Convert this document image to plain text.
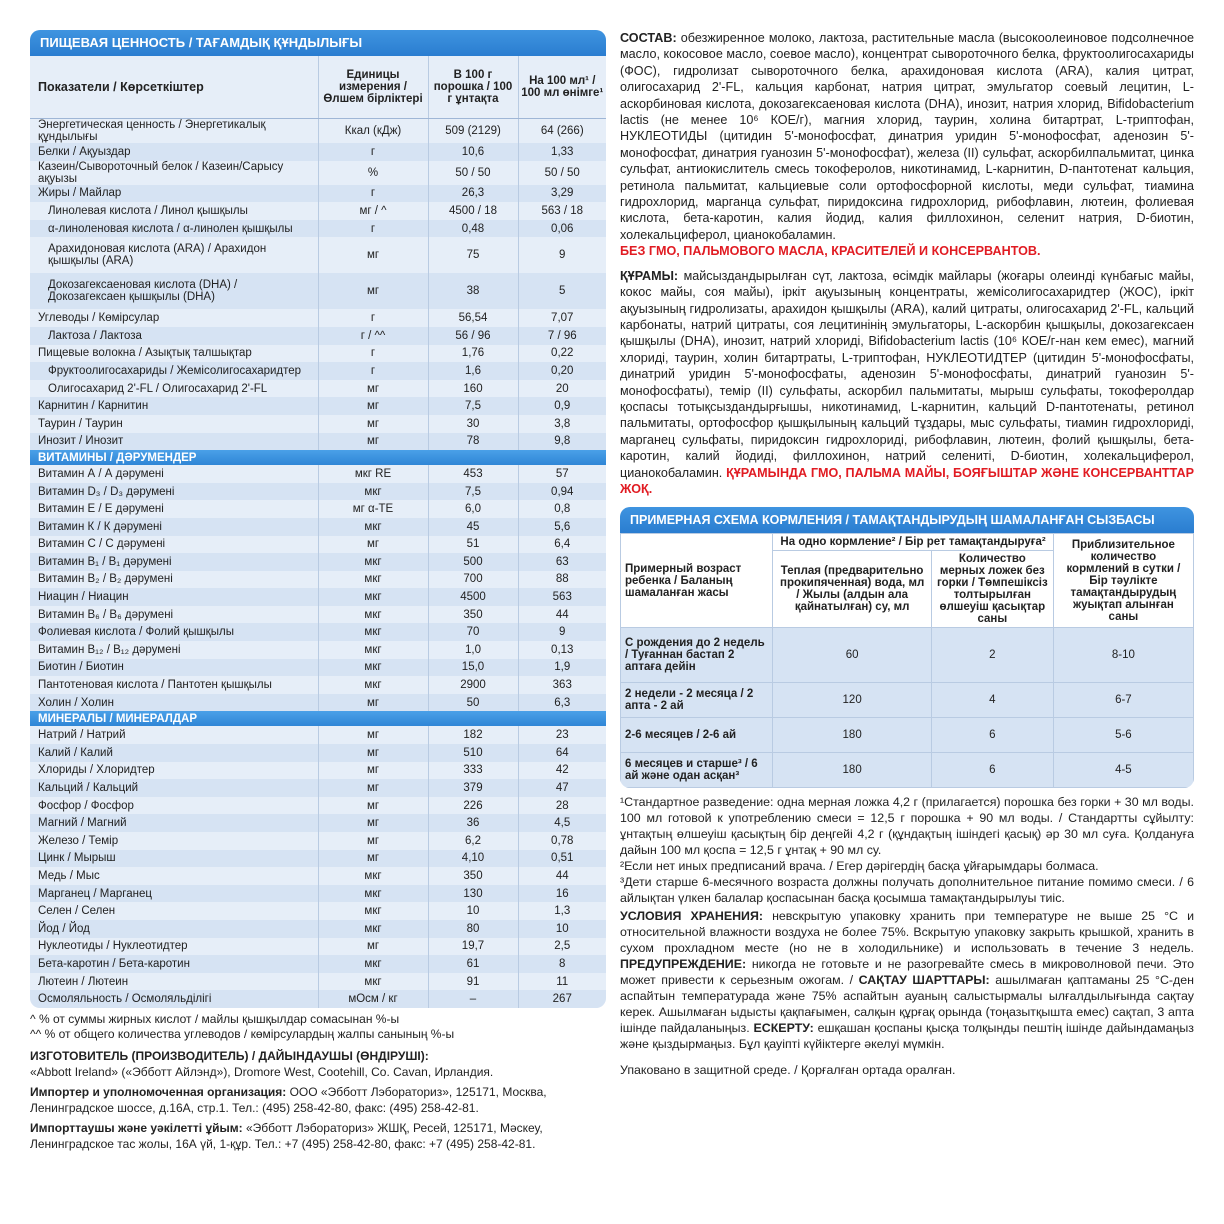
ПИЩЕВАЯ ЦЕННОСТЬ / ТАҒАМДЫҚ ҚҰНДЫЛЫҒЫ
Показатели / Көрсеткіштер	Единицы измерения / Өлшем бірліктері	В 100 г порошка / 100 г ұнтақта	На 100 мл¹ / 100 мл өнімге¹
Энергетическая ценность / Энергетикалық құндылығы	Ккал (кДж)	509 (2129)	64 (266)
Белки / Ақуыздар	г	10,6	1,33
Казеин/Сывороточный белок / Казеин/Сарысу ақуызы	%	50 / 50	50 / 50
Жиры / Майлар	г	26,3	3,29
Линолевая кислота / Линол қышқылы	мг / ^	4500 / 18	563 / 18
α-линоленовая кислота / α-линолен қышқылы	г	0,48	0,06
Арахидоновая кислота (ARA) / Арахидон қышқылы (ARA)	мг	75	9
Докозагексаеновая кислота (DHA) / Докозагексаен қышқылы (DHA)	мг	38	5
Углеводы / Көмірсулар	г	56,54	7,07
Лактоза / Лактоза	г / ^^	56 / 96	7 / 96
Пищевые волокна / Азықтық талшықтар	г	1,76	0,22
Фруктоолигосахариды / Жемісолигосахаридтер	г	1,6	0,20
Олигосахарид 2'-FL / Олигосахарид 2'-FL	мг	160	20
Карнитин / Карнитин	мг	7,5	0,9
Таурин / Таурин	мг	30	3,8
Инозит / Инозит	мг	78	9,8
ВИТАМИНЫ / ДӘРУМЕНДЕР			
Витамин А / А дәрумені	мкг RE	453	57
Витамин D₃ / D₃ дәрумені	мкг	7,5	0,94
Витамин Е / Е дәрумені	мг α-ТЕ	6,0	0,8
Витамин К / К дәрумені	мкг	45	5,6
Витамин С / С дәрумені	мг	51	6,4
Витамин B₁ / B₁ дәрумені	мкг	500	63
Витамин B₂ / B₂ дәрумені	мкг	700	88
Ниацин / Ниацин	мкг	4500	563
Витамин B₆ / B₆ дәрумені	мкг	350	44
Фолиевая кислота / Фолий қышқылы	мкг	70	9
Витамин B₁₂ / B₁₂ дәрумені	мкг	1,0	0,13
Биотин / Биотин	мкг	15,0	1,9
Пантотеновая кислота / Пантотен қышқылы	мкг	2900	363
Холин / Холин	мг	50	6,3
МИНЕРАЛЫ / МИНЕРАЛДАР			
Натрий / Натрий	мг	182	23
Калий / Калий	мг	510	64
Хлориды / Хлоридтер	мг	333	42
Кальций / Кальций	мг	379	47
Фосфор / Фосфор	мг	226	28
Магний / Магний	мг	36	4,5
Железо / Темір	мг	6,2	0,78
Цинк / Мырыш	мг	4,10	0,51
Медь / Мыс	мкг	350	44
Марганец / Марганец	мкг	130	16
Селен / Селен	мкг	10	1,3
Йод / Йод	мкг	80	10
Нуклеотиды / Нуклеотидтер	мг	19,7	2,5
Бета-каротин / Бета-каротин	мкг	61	8
Лютеин / Лютеин	мкг	91	11
Осмоляльность / Осмоляльділігі	мОсм / кг	–	267
^ % от суммы жирных кислот / майлы қышқылдар сомасынан %-ы
^^ % от общего количества углеводов / көмірсулардың жалпы санының %-ы
ИЗГОТОВИТЕЛЬ (ПРОИЗВОДИТЕЛЬ) / ДАЙЫНДАУШЫ (ӨНДІРУШІ):
«Abbott Ireland» («Эбботт Айлэнд»), Dromore West, Cootehill, Co. Cavan, Ирландия.
Импортер и уполномоченная организация: ООО «Эбботт Лэбораториз», 125171, Москва, Ленинградское шоссе, д.16А, стр.1. Тел.: (495) 258-42-80, факс: (495) 258-42-81.
Импорттаушы және уәкілетті ұйым: «Эбботт Лэбораториз» ЖШҚ, Ресей, 125171, Мәскеу, Ленинградское тас жолы, 16А үй, 1-құр. Тел.: +7 (495) 258-42-80, факс: +7 (495) 258-42-81.
СОСТАВ: обезжиренное молоко, лактоза, растительные масла (высокоолеиновое подсолнечное масло, кокосовое масло, соевое масло), концентрат сывороточного белка, фруктоолигосахариды (ФОС), гидролизат сывороточного белка, арахидоновая кислота (ARA), калия цитрат, олигосахарид 2'-FL, кальция карбонат, натрия цитрат, эмульгатор соевый лецитин, L-аскорбиновая кислота, докозагексаеновая кислота (DHA), инозит, натрия хлорид, Bifidobacterium lactis (не менее 10⁶ КОЕ/г), магния хлорид, таурин, холина битартрат, L-триптофан, НУКЛЕОТИДЫ (цитидин 5'-монофосфат, динатрия уридин 5'-монофосфат, аденозин 5'-монофосфат, динатрия гуанозин 5'-монофосфат), железа (II) сульфат, аскорбилпальмитат, цинка сульфат, антиокислитель смесь токоферолов, никотинамид, L-карнитин, D-пантотенат кальция, ретинола пальмитат, кальциевые соли ортофосфорной кислоты, меди сульфат, тиамина гидрохлорид, марганца сульфат, пиридоксина гидрохлорид, рибофлавин, лютеин, фолиевая кислота, бета-каротин, калия йодид, калия филлохинон, селенит натрия, D-биотин, холекальциферол, цианокобаламин.
БЕЗ ГМО, ПАЛЬМОВОГО МАСЛА, КРАСИТЕЛЕЙ И КОНСЕРВАНТОВ.
ҚҰРАМЫ: майсыздандырылған сүт, лактоза, өсімдік майлары (жоғары олеинді күнбағыс майы, кокос майы, соя майы), іркіт ақуызының концентраты, жемісолигосахаридтер (ЖОС), іркіт ақуызының гидролизаты, арахидон қышқылы (ARA), калий цитраты, олигосахарид 2'-FL, кальций карбонаты, натрий цитраты, соя лецитинінің эмульгаторы, L-аскорбин қышқылы, докозагексаен қышқылы (DHA), инозит, натрий хлориді, Bifidobacterium lactis (10⁶ КОЕ/г-нан кем емес), магний хлориді, таурин, холин битартраты, L-триптофан, НУКЛЕОТИДТЕР (цитидин 5'-монофосфаты, динатрий уридин 5'-монофосфаты, аденозин 5'-монофосфаты, динатрий гуанозин 5'-монофосфаты), темір (II) сульфаты, аскорбил пальмитаты, мырыш сульфаты, токоферолдар қоспасы тотықсыздандырғышы, никотинамид, L-карнитин, кальций D-пантотенаты, ретинол пальмитаты, ортофосфор қышқылының кальций тұздары, мыс сульфаты, тиамин гидрохлориді, марганец сульфаты, пиридоксин гидрохлориді, рибофлавин, лютеин, фолий қышқылы, бета-каротин, калий йодиді, филлохинон, натрий селениті, D-биотин, холекальциферол, цианокобаламин. ҚҰРАМЫНДА ГМО, ПАЛЬМА МАЙЫ, БОЯҒЫШТАР ЖӘНЕ КОНСЕРВАНТТАР ЖОҚ.
ПРИМЕРНАЯ СХЕМА КОРМЛЕНИЯ / ТАМАҚТАНДЫРУДЫҢ ШАМАЛАНҒАН СЫЗБАСЫ
Примерный возраст ребенка / Баланың шамаланған жасы	На одно кормление² / Бір рет тамақтандыруға²		Приблизительное количество кормлений в сутки / Бір тәулікте тамақтандырудың жуықтап алынған саны
	Теплая (предварительно прокипяченная) вода, мл / Жылы (алдын ала қайнатылған) су, мл	Количество мерных ложек без горки / Төмпешіксіз толтырылған өлшеуіш қасықтар саны	
С рождения до 2 недель / Туғаннан бастап 2 аптаға дейін	60	2	8-10
2 недели - 2 месяца / 2 апта - 2 ай	120	4	6-7
2-6 месяцев / 2-6 ай	180	6	5-6
6 месяцев и старше³ / 6 ай және одан асқан³	180	6	4-5
¹Стандартное разведение: одна мерная ложка 4,2 г (прилагается) порошка без горки + 30 мл воды. 100 мл готовой к употреблению смеси = 12,5 г порошка + 90 мл воды. / Стандартты сұйылту: ұнтақтың өлшеуіш қасықтың бір деңгейі 4,2 г (құндақтың ішіндегі қасық) әр 30 мл суға. Қолдануға дайын 100 мл қоспа = 12,5 г ұнтақ + 90 мл су.
²Если нет иных предписаний врача. / Егер дәрігердің басқа ұйғарымдары болмаса.
³Дети старше 6-месячного возраста должны получать дополнительное питание помимо смеси. / 6 айлықтан үлкен балалар қоспасынан басқа қосымша тамақтандырылуы тиіс.
УСЛОВИЯ ХРАНЕНИЯ: невскрытую упаковку хранить при температуре не выше 25 °С и относительной влажности воздуха не более 75%. Вскрытую упаковку закрыть крышкой, хранить в сухом прохладном месте (но не в холодильнике) и использовать в течение 3 недель. ПРЕДУПРЕЖДЕНИЕ: никогда не готовьте и не разогревайте смесь в микроволновой печи. Это может привести к серьезным ожогам. / САҚТАУ ШАРТТАРЫ: ашылмаған қаптаманы 25 °С-ден аспайтын температурада және 75% аспайтын ауаның салыстырмалы ылғалдылығында сақтау керек. Ашылмаған ыдысты қақпағымен, салқын құрғақ орында (тоңазытқышта емес) сақтап, 3 апта ішінде пайдаланыңыз. ЕСКЕРТУ: ешқашан қоспаны қысқа толқынды пештің ішінде дайындамаңыз және қыздырмаңыз. Бұл қауіпті күйіктерге әкелуі мүмкін.
Упаковано в защитной среде. / Қорғалған ортада оралған.
